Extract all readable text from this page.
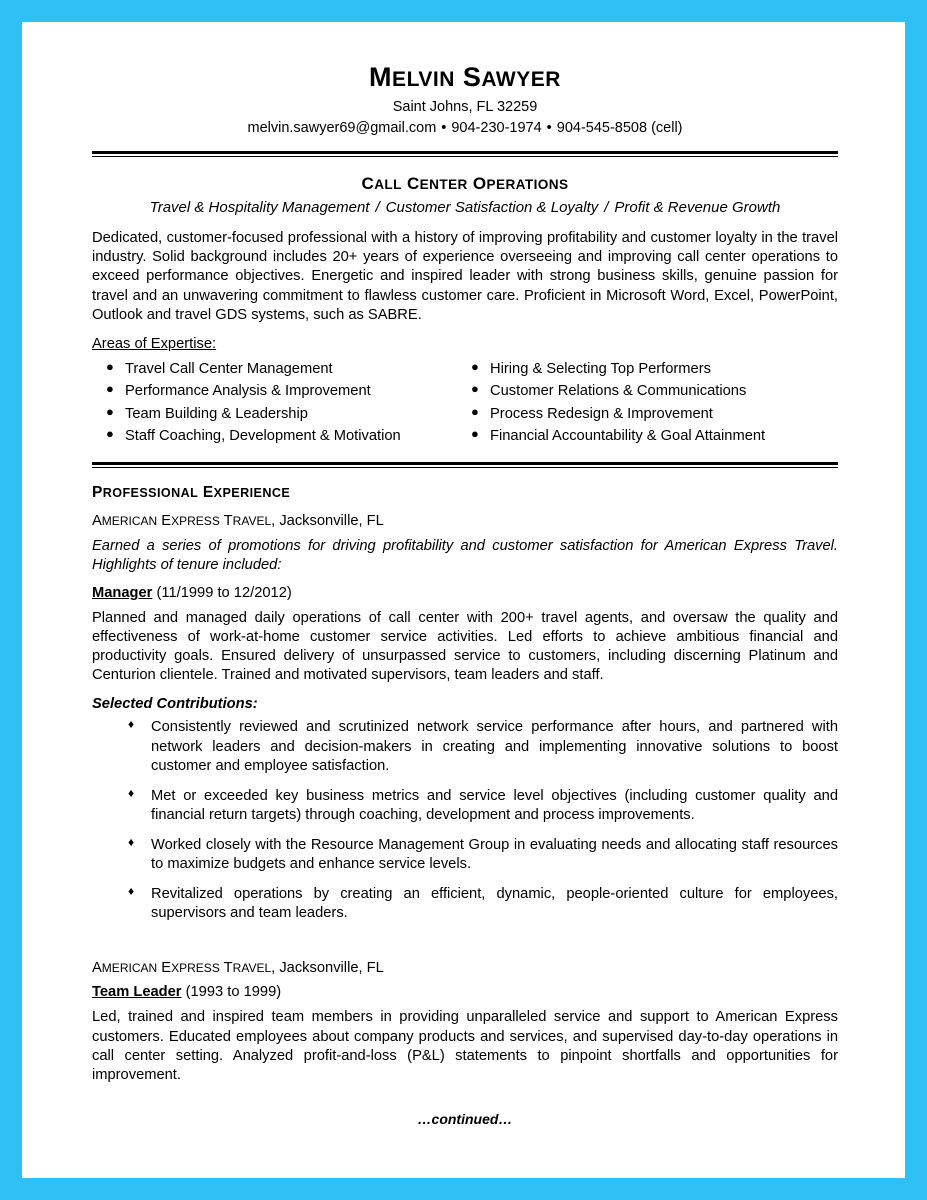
MELVIN SAWYER
Saint Johns, FL 32259
melvin.sawyer69@gmail.com • 904-230-1974 • 904-545-8508 (cell)
CALL CENTER OPERATIONS
Travel & Hospitality Management / Customer Satisfaction & Loyalty / Profit & Revenue Growth

Dedicated, customer-focused professional with a history of improving profitability and customer loyalty in the travel industry. Solid background includes 20+ years of experience overseeing and improving call center operations to exceed performance objectives. Energetic and inspired leader with strong business skills, genuine passion for travel and an unwavering commitment to flawless customer care. Proficient in Microsoft Word, Excel, PowerPoint, Outlook and travel GDS systems, such as SABRE.

Areas of Expertise:
● Travel Call Center Management
● Performance Analysis & Improvement
● Team Building & Leadership
● Staff Coaching, Development & Motivation
● Hiring & Selecting Top Performers
● Customer Relations & Communications
● Process Redesign & Improvement
● Financial Accountability & Goal Attainment
PROFESSIONAL EXPERIENCE
AMERICAN EXPRESS TRAVEL, Jacksonville, FL
Earned a series of promotions for driving profitability and customer satisfaction for American Express Travel. Highlights of tenure included:
Manager (11/1999 to 12/2012)

Planned and managed daily operations of call center with 200+ travel agents, and oversaw the quality and effectiveness of work-at-home customer service activities. Led efforts to achieve ambitious financial and productivity goals. Ensured delivery of unsurpassed service to customers, including discerning Platinum and Centurion clientele. Trained and motivated supervisors, team leaders and staff.

Selected Contributions:
♦ Consistently reviewed and scrutinized network service performance after hours, and partnered with network leaders and decision-makers in creating and implementing innovative solutions to boost customer and employee satisfaction.
♦ Met or exceeded key business metrics and service level objectives (including customer quality and financial return targets) through coaching, development and process improvements.
♦ Worked closely with the Resource Management Group in evaluating needs and allocating staff resources to maximize budgets and enhance service levels.
♦ Revitalized operations by creating an efficient, dynamic, people-oriented culture for employees, supervisors and team leaders.
AMERICAN EXPRESS TRAVEL, Jacksonville, FL
Team Leader (1993 to 1999)

Led, trained and inspired team members in providing unparalleled service and support to American Express customers. Educated employees about company products and services, and supervised day-to-day operations in call center setting. Analyzed profit-and-loss (P&L) statements to pinpoint shortfalls and opportunities for improvement.

…continued…
